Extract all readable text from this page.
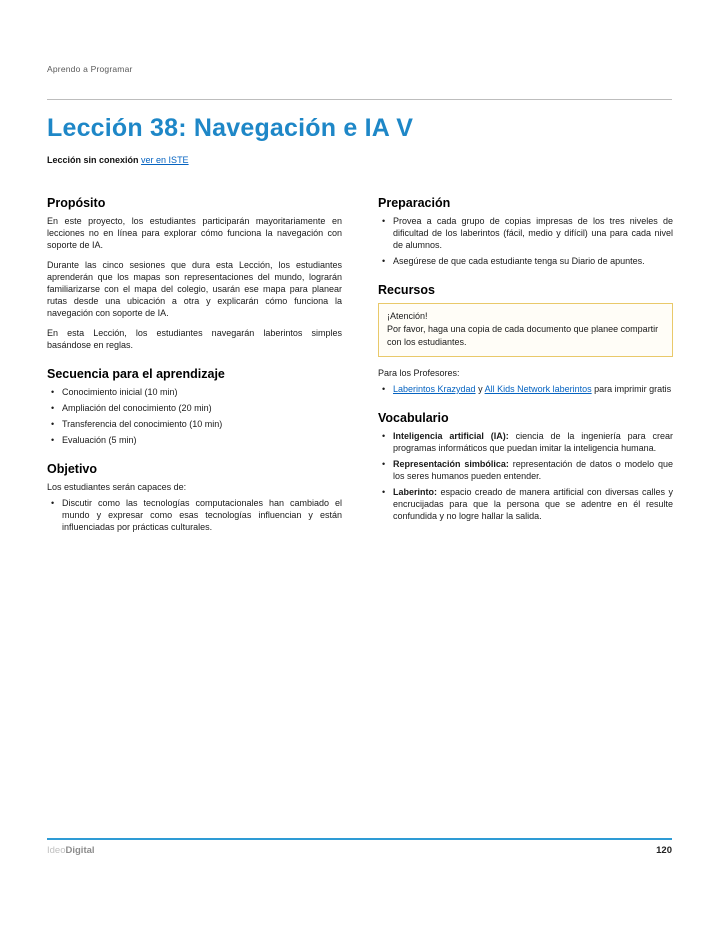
Aprendo a Programar
Lección 38: Navegación e IA V
Lección sin conexión ver en ISTE
Propósito

En este proyecto, los estudiantes participarán mayoritariamente en lecciones no en línea para explorar cómo funciona la navegación con soporte de IA.

Durante las cinco sesiones que dura esta Lección, los estudiantes aprenderán que los mapas son representaciones del mundo, lograrán familiarizarse con el mapa del colegio, usarán ese mapa para planear rutas desde una ubicación a otra y explicarán cómo funciona la navegación con soporte de IA.

En esta Lección, los estudiantes navegarán laberintos simples basándose en reglas.

Secuencia para el aprendizaje
• Conocimiento inicial (10 min)
• Ampliación del conocimiento (20 min)
• Transferencia del conocimiento (10 min)
• Evaluación (5 min)
Objetivo

Los estudiantes serán capaces de:

• Discutir como las tecnologías computacionales han cambiado el mundo y expresar como esas tecnologías influencian y están influenciadas por prácticas culturales.
Preparación
• Provea a cada grupo de copias impresas de los tres niveles de dificultad de los laberintos (fácil, medio y difícil) una para cada nivel de alumnos.
• Asegúrese de que cada estudiante tenga su Diario de apuntes.
Recursos
¡Atención!
Por favor, haga una copia de cada documento que planee compartir con los estudiantes.

Para los Profesores:

• Laberintos Krazydad y All Kids Network laberintos para imprimir gratis
Vocabulario
• Inteligencia artificial (IA): ciencia de la ingeniería para crear programas informáticos que puedan imitar la inteligencia humana.
• Representación simbólica: representación de datos o modelo que los seres humanos pueden entender.
• Laberinto: espacio creado de manera artificial con diversas calles y encrucijadas para que la persona que se adentre en él resulte confundida y no logre hallar la salida.
IdeoDigital	120
